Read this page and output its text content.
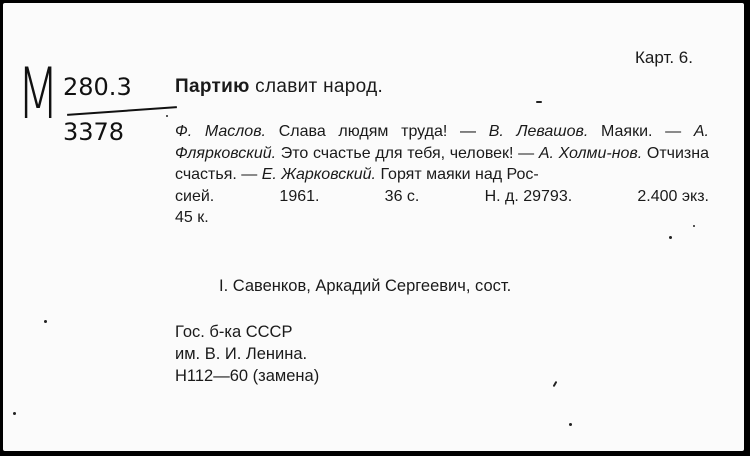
Карт. 6.
М 280.3
3378
Партию славит народ.
Ф. Маслов. Слава людям труда! — В. Левашов. Маяки. — А. Флярковский. Это счастье для тебя, человек! — А. Холми-нов. Отчизна счастья. — Е. Жарковский. Горят маяки над Рос-
сией.	1961.	36 с.	Н. д. 29793.	2.400 экз.
45 к.
I. Савенков, Аркадий Сергеевич, сост.
Гос. б-ка СССР
им. В. И. Ленина.
Н112—60 (замена)
